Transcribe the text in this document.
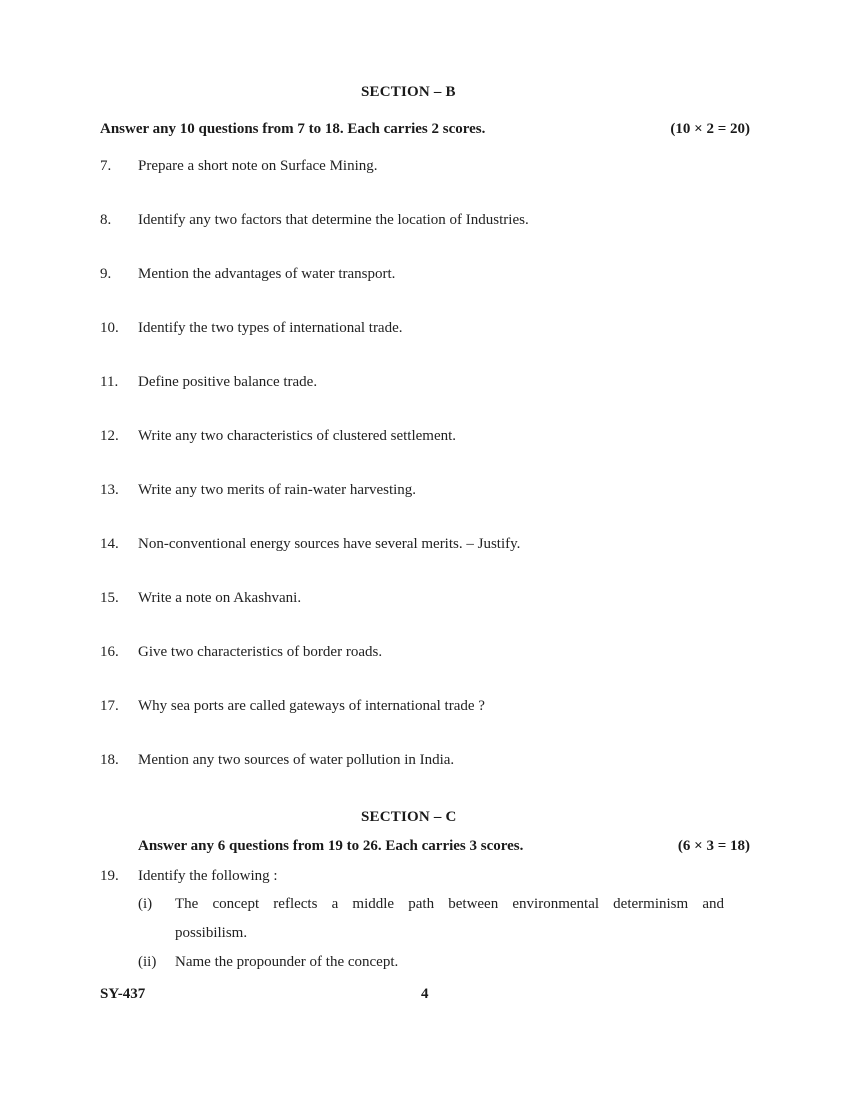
SECTION – B
Answer any 10 questions from 7 to 18. Each carries 2 scores.	(10 × 2 = 20)
7. Prepare a short note on Surface Mining.
8. Identify any two factors that determine the location of Industries.
9. Mention the advantages of water transport.
10. Identify the two types of international trade.
11. Define positive balance trade.
12. Write any two characteristics of clustered settlement.
13. Write any two merits of rain-water harvesting.
14. Non-conventional energy sources have several merits. – Justify.
15. Write a note on Akashvani.
16. Give two characteristics of border roads.
17. Why sea ports are called gateways of international trade ?
18. Mention any two sources of water pollution in India.
SECTION – C
Answer any 6 questions from 19 to 26. Each carries 3 scores.	(6 × 3 = 18)
19. Identify the following :
(i) The concept reflects a middle path between environmental determinism and
possibilism.
(ii) Name the propounder of the concept.
SY-437	4
